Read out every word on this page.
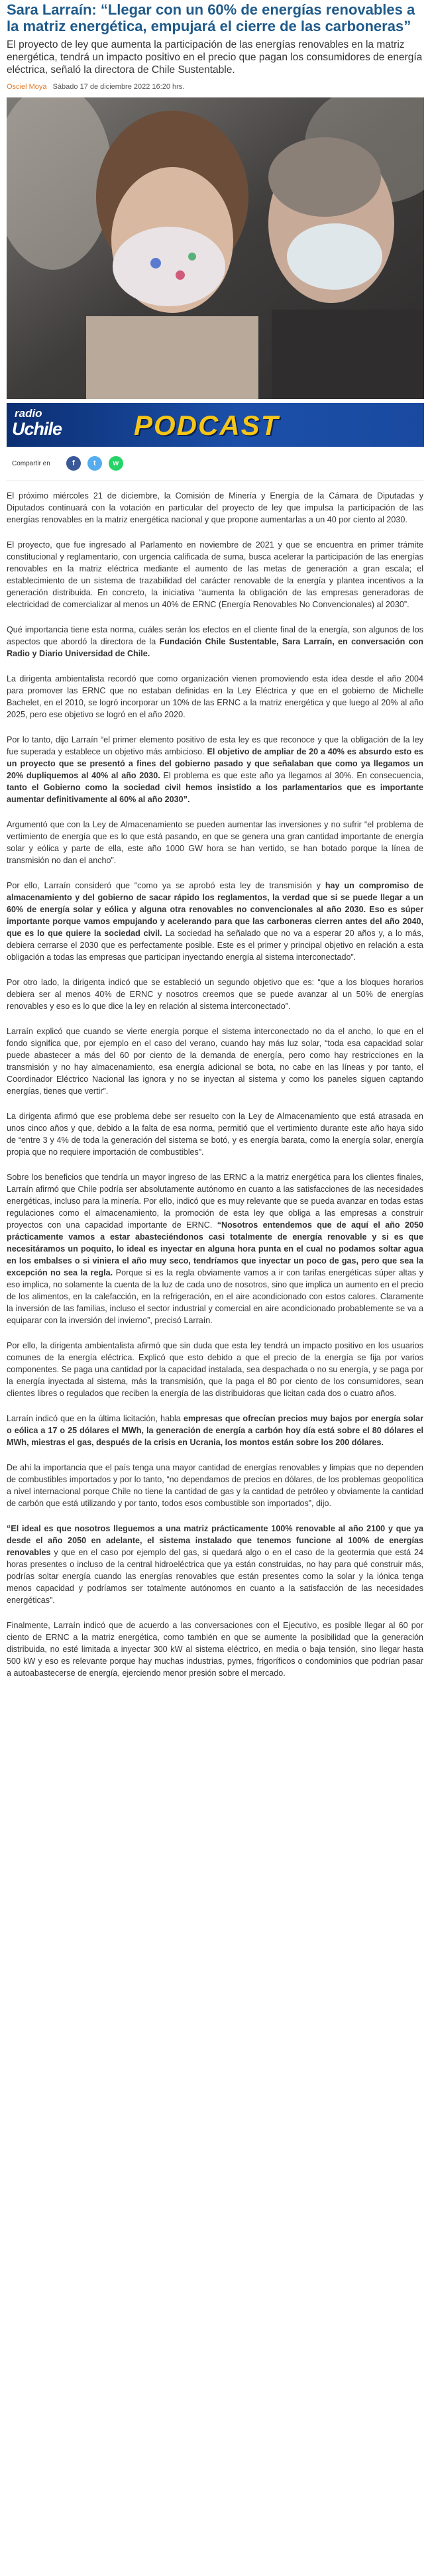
Sara Larraín: “Llegar con un 60% de energías renovables a la matriz energética, empujará el cierre de las carboneras”

El proyecto de ley que aumenta la participación de las energías renovables en la matriz energética, tendrá un impacto positivo en el precio que pagan los consumidores de energía eléctrica, señaló la directora de Chile Sustentable.

Osciel Moya Sábado 17 de diciembre 2022 16:20 hrs.
radio
Uchile	PODCAST
Compartir en	f	t	w

El próximo miércoles 21 de diciembre, la Comisión de Minería y Energía de la Cámara de Diputadas y Diputados continuará con la votación en particular del proyecto de ley que impulsa la participación de las energías renovables en la matriz energética nacional y que propone aumentarlas a un 40 por ciento al 2030.

El proyecto, que fue ingresado al Parlamento en noviembre de 2021 y que se encuentra en primer trámite constitucional y reglamentario, con urgencia calificada de suma, busca acelerar la participación de las energías renovables en la matriz eléctrica mediante el aumento de las metas de generación a gran escala; el establecimiento de un sistema de trazabilidad del carácter renovable de la energía y plantea incentivos a la generación distribuida. En concreto, la iniciativa “aumenta la obligación de las empresas generadoras de electricidad de comercializar al menos un 40% de ERNC (Energía Renovables No Convencionales) al 2030”.

Qué importancia tiene esta norma, cuáles serán los efectos en el cliente final de la energía, son algunos de los aspectos que abordó la directora de la Fundación Chile Sustentable, Sara Larraín, en conversación con Radio y Diario Universidad de Chile.

La dirigenta ambientalista recordó que como organización vienen promoviendo esta idea desde el año 2004 para promover las ERNC que no estaban definidas en la Ley Eléctrica y que en el gobierno de Michelle Bachelet, en el 2010, se logró incorporar un 10% de las ERNC a la matriz energética y que luego al 20% al año 2025, pero ese objetivo se logró en el año 2020.

Por lo tanto, dijo Larraín “el primer elemento positivo de esta ley es que reconoce y que la obligación de la ley fue superada y establece un objetivo más ambicioso. El objetivo de ampliar de 20 a 40% es absurdo esto es un proyecto que se presentó a fines del gobierno pasado y que señalaban que como ya llegamos un 20% dupliquemos al 40% al año 2030. El problema es que este año ya llegamos al 30%. En consecuencia, tanto el Gobierno como la sociedad civil hemos insistido a los parlamentarios que es importante aumentar definitivamente al 60% al año 2030”.

Argumentó que con la Ley de Almacenamiento se pueden aumentar las inversiones y no sufrir “el problema de vertimiento de energía que es lo que está pasando, en que se genera una gran cantidad importante de energía solar y eólica y parte de ella, este año 1000 GW hora se han vertido, se han botado porque la línea de transmisión no dan el ancho”.

Por ello, Larraín consideró que “como ya se aprobó esta ley de transmisión y hay un compromiso de almacenamiento y del gobierno de sacar rápido los reglamentos, la verdad que si se puede llegar a un 60% de energía solar y eólica y alguna otra renovables no convencionales al año 2030. Eso es súper importante porque vamos empujando y acelerando para que las carboneras cierren antes del año 2040, que es lo que quiere la sociedad civil. La sociedad ha señalado que no va a esperar 20 años y, a lo más, debiera cerrarse el 2030 que es perfectamente posible. Este es el primer y principal objetivo en relación a esta obligación a todas las empresas que participan inyectando energía al sistema interconectado”.

Por otro lado, la dirigenta indicó que se estableció un segundo objetivo que es: “que a los bloques horarios debiera ser al menos 40% de ERNC y nosotros creemos que se puede avanzar al un 50% de energías renovables y eso es lo que dice la ley en relación al sistema interconectado”.

Larraín explicó que cuando se vierte energía porque el sistema interconectado no da el ancho, lo que en el fondo significa que, por ejemplo en el caso del verano, cuando hay más luz solar, “toda esa capacidad solar puede abastecer a más del 60 por ciento de la demanda de energía, pero como hay restricciones en la transmisión y no hay almacenamiento, esa energía adicional se bota, no cabe en las líneas y por tanto, el Coordinador Eléctrico Nacional las ignora y no se inyectan al sistema y como los paneles siguen captando energías, tienes que vertir”.

La dirigenta afirmó que ese problema debe ser resuelto con la Ley de Almacenamiento que está atrasada en unos cinco años y que, debido a la falta de esa norma, permitió que el vertimiento durante este año haya sido de “entre 3 y 4% de toda la generación del sistema se botó, y es energía barata, como la energía solar, energía propia que no requiere importación de combustibles”.

Sobre los beneficios que tendría un mayor ingreso de las ERNC a la matriz energética para los clientes finales, Larraín afirmó que Chile podría ser absolutamente autónomo en cuanto a las satisfacciones de las necesidades energéticas, incluso para la minería. Por ello, indicó que es muy relevante que se pueda avanzar en todas estas regulaciones como el almacenamiento, la promoción de esta ley que obliga a las empresas a construir proyectos con una capacidad importante de ERNC. “Nosotros entendemos que de aquí el año 2050 prácticamente vamos a estar abasteciéndonos casi totalmente de energía renovable y si es que necesitáramos un poquito, lo ideal es inyectar en alguna hora punta en el cual no podamos soltar agua en los embalses o si viniera el año muy seco, tendríamos que inyectar un poco de gas, pero que sea la excepción no sea la regla. Porque si es la regla obviamente vamos a ir con tarifas energéticas súper altas y eso implica, no solamente la cuenta de la luz de cada uno de nosotros, sino que implica un aumento en el precio de los alimentos, en la calefacción, en la refrigeración, en el aire acondicionado con estos calores. Claramente la inversión de las familias, incluso el sector industrial y comercial en aire acondicionado probablemente se va a equiparar con la inversión del invierno”, precisó Larraín.

Por ello, la dirigenta ambientalista afirmó que sin duda que esta ley tendrá un impacto positivo en los usuarios comunes de la energía eléctrica. Explicó que esto debido a que el precio de la energía se fija por varios componentes. Se paga una cantidad por la capacidad instalada, sea despachada o no su energía, y se paga por la energía inyectada al sistema, más la transmisión, que la paga el 80 por ciento de los consumidores, sean clientes libres o regulados que reciben la energía de las distribuidoras que licitan cada dos o cuatro años.

Larraín indicó que en la última licitación, habla empresas que ofrecían precios muy bajos por energía solar o eólica a 17 o 25 dólares el MWh, la generación de energía a carbón hoy día está sobre el 80 dólares el MWh, miestras el gas, después de la crisis en Ucrania, los montos están sobre los 200 dólares.

De ahí la importancia que el país tenga una mayor cantidad de energías renovables y limpias que no dependen de combustibles importados y por lo tanto, “no dependamos de precios en dólares, de los problemas geopolítica a nivel internacional porque Chile no tiene la cantidad de gas y la cantidad de petróleo y obviamente la cantidad de carbón que está utilizando y por tanto, todos esos combustible son importados”, dijo.

“El ideal es que nosotros lleguemos a una matriz prácticamente 100% renovable al año 2100 y que ya desde el año 2050 en adelante, el sistema instalado que tenemos funcione al 100% de energías renovables y que en el caso por ejemplo del gas, si quedará algo o en el caso de la geotermia que está 24 horas presentes o incluso de la central hidroeléctrica que ya están construidas, no hay para qué construir más, podrías soltar energía cuando las energías renovables que están presentes como la solar y la iónica tenga menos capacidad y podríamos ser totalmente autónomos en cuanto a la satisfacción de las necesidades energéticas”.

Finalmente, Larraín indicó que de acuerdo a las conversaciones con el Ejecutivo, es posible llegar al 60 por ciento de ERNC a la matriz energética, como también en que se aumente la posibilidad que la generación distribuida, no esté limitada a inyectar 300 kW al sistema eléctrico, en media o baja tensión, sino llegar hasta 500 kW y eso es relevante porque hay muchas industrias, pymes, frigoríficos o condominios que podrían pasar a autoabastecerse de energía, ejerciendo menor presión sobre el mercado.
